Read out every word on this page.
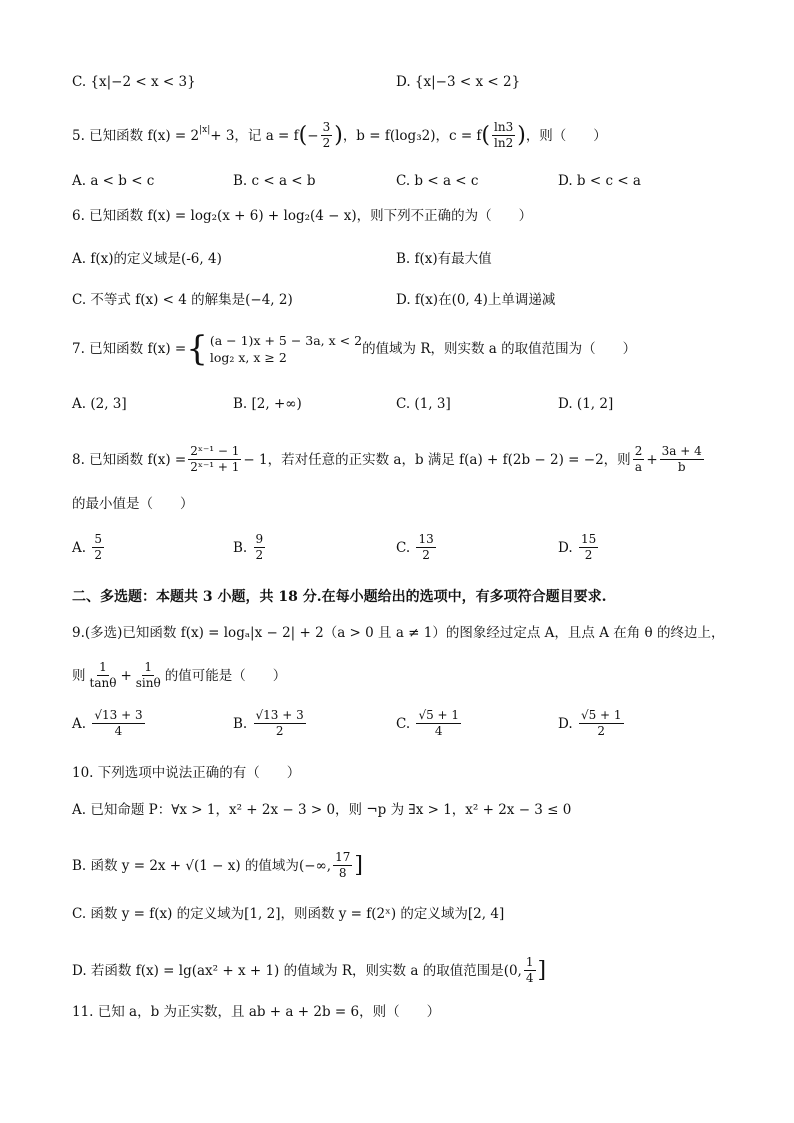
C. {x|−2 < x < 3}	D. {x|−3 < x < 2}
5. 已知函数 $f(x) = 2^{|x|} + 3$，记 a = f ( − $\frac{3}{2}$ ) ，b = f(log₃2)，c = f ( $\frac{\ln 3}{\ln 2}$ ) ，则（　　）
A. a < b < c	B. c < a < b	C. b < a < c	D. b < c < a
6. 已知函数 f(x) = log₂(x + 6) + log₂(4 − x)，则下列不正确的为（　　）
A. f(x)的定义域是(-6, 4)	B. f(x)有最大值
C. 不等式 f(x) < 4 的解集是(−4, 2)	D. f(x)在(0, 4)上单调递减
7. 已知函数 f(x) = { (a − 1)x + 5 − 3a, x < 2
log₂ x, x ≥ 2
的值域为 R，则实数 a 的取值范围为（　　）
A. (2, 3]	B. [2, +∞)	C. (1, 3]	D. (1, 2]
8. 已知函数 $f(x) = \frac{\text{2ˣ⁻¹ − 1}}{\text{2ˣ⁻¹ + 1}} - 1$，若对任意的正实数 a，b 满足 f(a) + f(2b − 2) = −2，则 $\frac{2}{a} + \frac{3a + 4}{b}$
的最小值是（　　）
A.
$\frac{5}{2}$	B.
$\frac{9}{2}$	C.
$\frac{13}{2}$	D.
$\frac{15}{2}$
二、多选题：本题共 3 小题，共 18 分.在每小题给出的选项中，有多项符合题目要求.
9.(多选)已知函数 f(x) = logₐ|x − 2| + 2（a > 0 且 a ≠ 1）的图象经过定点 A，且点 A 在角 θ 的终边上，
则 $\frac{1}{\tan\theta} + \frac{1}{\sin\theta}$ 的值可能是（　　）
A.
$\frac{√13 + 3}{4}$	B.
$\frac{√13 + 3}{2}$	C.
$\frac{√5 + 1}{4}$	D.
$\frac{√5 + 1}{2}$
10. 下列选项中说法正确的有（　　）
A. 已知命题 P：∀x > 1，x² + 2x − 3 > 0，则 ¬p 为 ∃x > 1，x² + 2x − 3 ≤ 0
B. 函数 y = 2x + √(1 − x) 的值域为 (−∞, $\frac{17}{8}$ ]
C. 函数 y = f(x) 的定义域为[1, 2]，则函数 y = f(2ˣ) 的定义域为[2, 4]
D. 若函数 f(x) = lg(ax² + x + 1) 的值域为 R，则实数 a 的取值范围是 (0, $\frac{1}{4}$ ]
11. 已知 a，b 为正实数，且 ab + a + 2b = 6，则（　　）
